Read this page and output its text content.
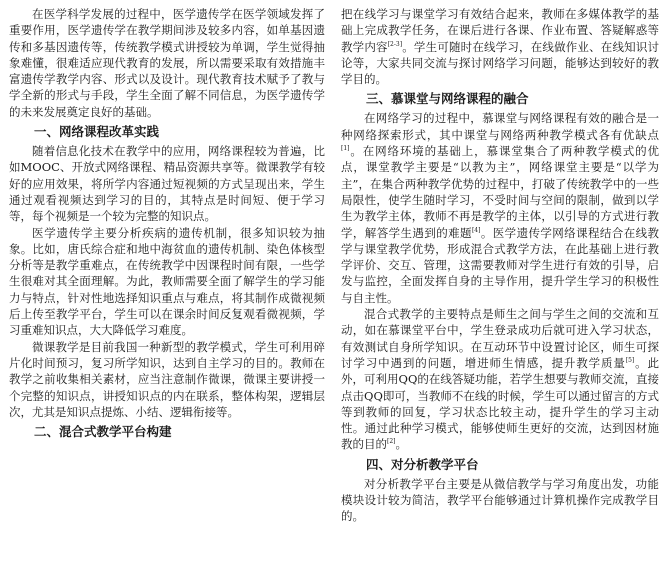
在医学科学发展的过程中，医学遗传学在医学领域发挥了重要作用，医学遗传学在教学期间涉及较多内容，如单基因遗传和多基因遗传等，传统教学模式讲授较为单调，学生觉得抽象难懂，很难适应现代教育的发展，所以需要采取有效措施丰富遗传学教学内容、形式以及设计。现代教育技术赋予了教与学全新的形式与手段，学生全面了解不同信息，为医学遗传学的未来发展奠定良好的基础。

一、网络课程改革实践

随着信息化技术在教学中的应用，网络课程较为普遍，比如MOOC、开放式网络课程、精品资源共享等。微课教学有较好的应用效果，将所学内容通过短视频的方式呈现出来，学生通过观看视频达到学习的目的，其特点是时间短、便于学习等，每个视频是一个较为完整的知识点。

医学遗传学主要分析疾病的遗传机制，很多知识较为抽象。比如，唐氏综合症和地中海贫血的遗传机制、染色体核型分析等是教学重难点，在传统教学中因课程时间有限，一些学生很难对其全面理解。为此，教师需要全面了解学生的学习能力与特点，针对性地选择知识重点与难点，将其制作成微视频后上传至教学平台，学生可以在课余时间反复观看微视频，学习重难知识点，大大降低学习难度。

微课教学是目前我国一种新型的教学模式，学生可利用碎片化时间预习，复习所学知识，达到自主学习的目的。教师在教学之前收集相关素材，应当注意制作微课，微课主要讲授一个完整的知识点，讲授知识点的内在联系，整体构架，逻辑层次，尤其是知识点提炼、小结、逻辑衔接等。

二、混合式教学平台构建

把在线学习与课堂学习有效结合起来，教师在多媒体教学的基础上完成教学任务，在课后进行各课、作业布置、答疑解惑等教学内容[2-3]。学生可随时在线学习，在线做作业、在线知识讨论等，大家共同交流与探讨网络学习问题，能够达到较好的教学目的。

三、慕课堂与网络课程的融合

在网络学习的过程中，慕课堂与网络课程有效的融合是一种网络探索形式，其中课堂与网络两种教学模式各有优缺点[1]。在网络环境的基础上，慕课堂集合了两种教学模式的优点，课堂教学主要是“以教为主”，网络课堂主要是“以学为主”，在集合两种教学优势的过程中，打破了传统教学中的一些局限性，使学生随时学习，不受时间与空间的限制，做到以学生为教学主体，教师不再是教学的主体，以引导的方式进行教学，解答学生遇到的难题[4]。医学遗传学网络课程结合在线教学与课堂教学优势，形成混合式教学方法，在此基础上进行教学评价、交互、管理，这需要教师对学生进行有效的引导，启发与监控，全面发挥自身的主导作用，提升学生学习的积极性与自主性。

混合式教学的主要特点是师生之间与学生之间的交流和互动，如在慕课堂平台中，学生登录成功后就可进入学习状态，有效测试自身所学知识。在互动环节中设置讨论区，师生可探讨学习中遇到的问题，增进师生情感，提升教学质量[5]。此外，可利用QQ的在线答疑功能，若学生想要与教师交流，直接点击QQ即可，当教师不在线的时候，学生可以通过留言的方式等到教师的回复，学习状态比较主动，提升学生的学习主动性。通过此种学习模式，能够使师生更好的交流，达到因材施教的目的[2]。

四、对分析教学平台

对分析教学平台主要是从微信教学与学习角度出发，功能模块设计较为简洁，教学平台能够通过计算机操作完成教学目的。
